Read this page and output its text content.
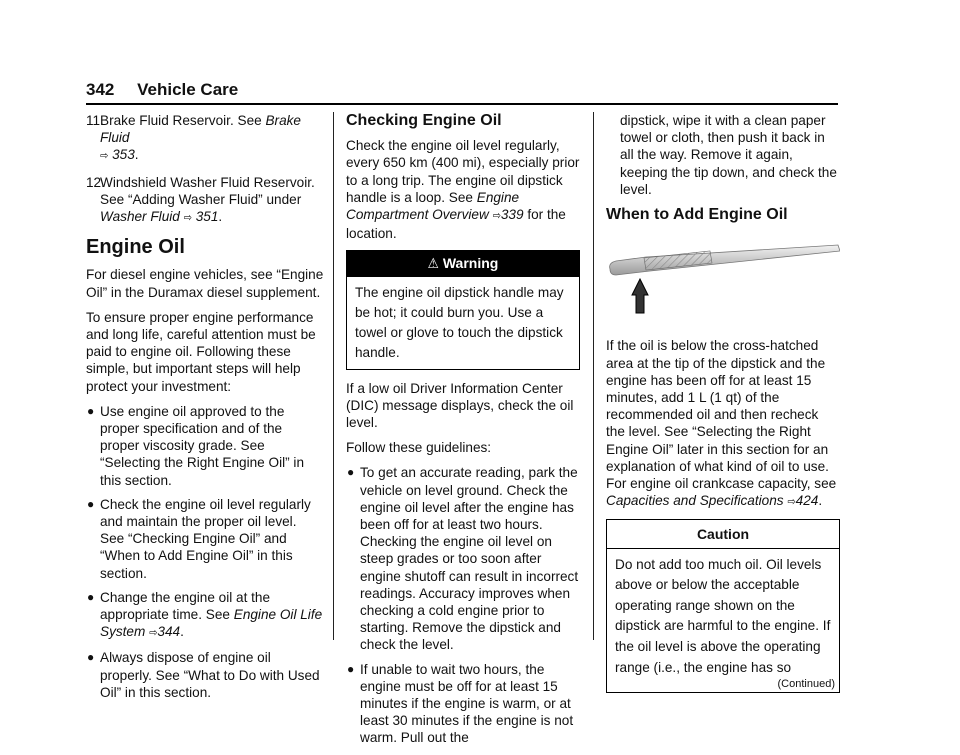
342 Vehicle Care
11.
Brake Fluid Reservoir. See Brake Fluid
⇨ 353.
12.
Windshield Washer Fluid Reservoir. See “Adding Washer Fluid” under Washer Fluid ⇨ 351.
Engine Oil

For diesel engine vehicles, see “Engine Oil” in the Duramax diesel supplement.

To ensure proper engine performance and long life, careful attention must be paid to engine oil. Following these simple, but important steps will help protect your investment:

● Use engine oil approved to the proper specification and of the proper viscosity grade. See “Selecting the Right Engine Oil” in this section.
● Check the engine oil level regularly and maintain the proper oil level. See “Checking Engine Oil” and “When to Add Engine Oil” in this section.
● Change the engine oil at the appropriate time. See Engine Oil Life System ⇨344.
● Always dispose of engine oil properly. See “What to Do with Used Oil” in this section.
Checking Engine Oil

Check the engine oil level regularly, every 650 km (400 mi), especially prior to a long trip. The engine oil dipstick handle is a loop. See Engine Compartment Overview ⇨339 for the location.

⚠ Warning
The engine oil dipstick handle may be hot; it could burn you. Use a towel or glove to touch the dipstick handle.

If a low oil Driver Information Center (DIC) message displays, check the oil level.

Follow these guidelines:

● To get an accurate reading, park the vehicle on level ground. Check the engine oil level after the engine has been off for at least two hours. Checking the engine oil level on steep grades or too soon after engine shutoff can result in incorrect readings. Accuracy improves when checking a cold engine prior to starting. Remove the dipstick and check the level.
● If unable to wait two hours, the engine must be off for at least 15 minutes if the engine is warm, or at least 30 minutes if the engine is not warm. Pull out the

dipstick, wipe it with a clean paper towel or cloth, then push it back in all the way. Remove it again, keeping the tip down, and check the level.

When to Add Engine Oil

If the oil is below the cross-hatched area at the tip of the dipstick and the engine has been off for at least 15 minutes, add 1 L (1 qt) of the recommended oil and then recheck the level. See “Selecting the Right Engine Oil” later in this section for an explanation of what kind of oil to use. For engine oil crankcase capacity, see Capacities and Specifications ⇨424.

Caution
Do not add too much oil. Oil levels above or below the acceptable operating range shown on the dipstick are harmful to the engine. If the oil level is above the operating range (i.e., the engine has so
(Continued)
